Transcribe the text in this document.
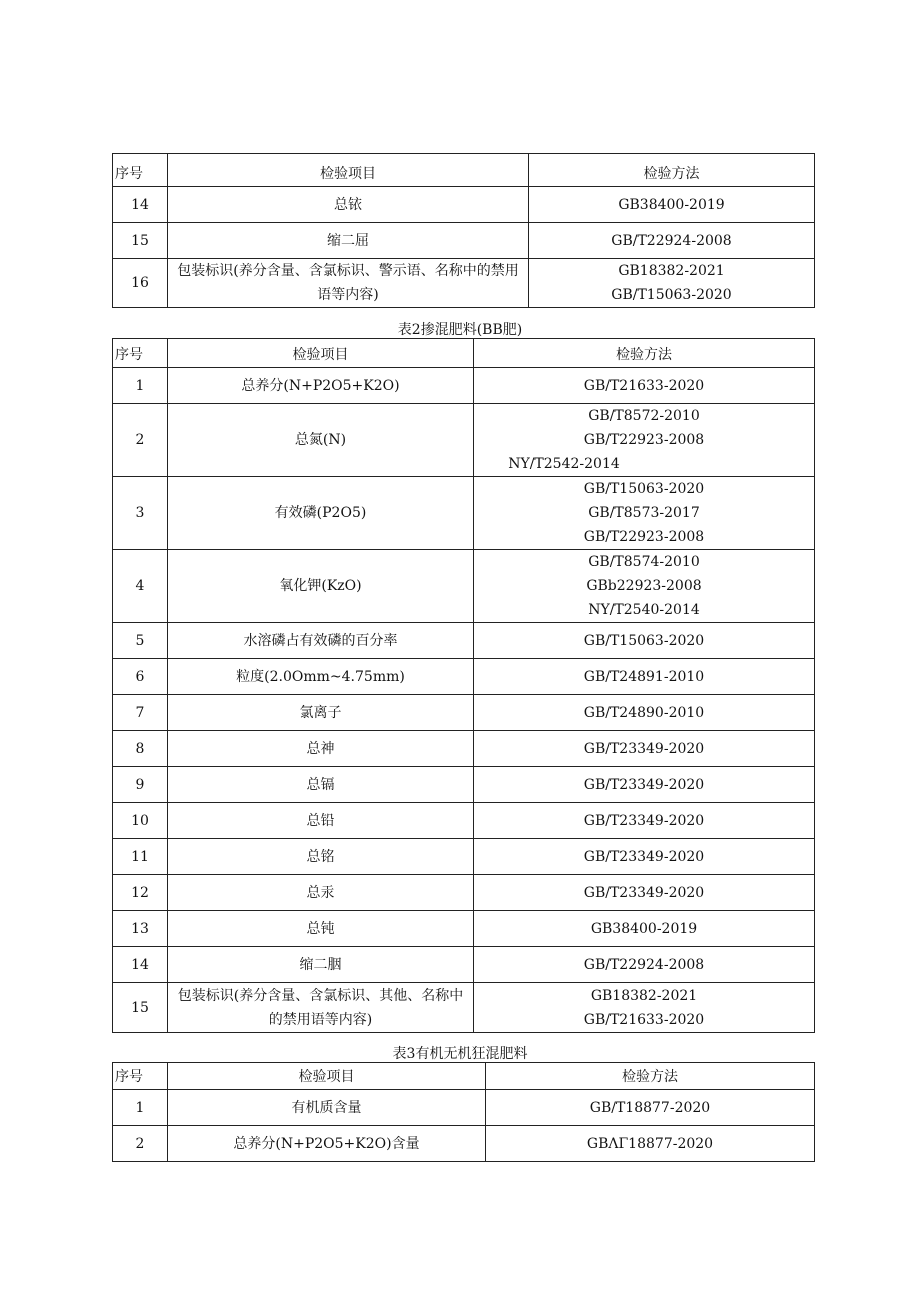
序号	检验项目	检验方法
14	总铱	GB38400-2019

15	缩二屈	GB/T22924-2008

16	包装标识(养分含量、含氯标识、警示语、名称中的禁用语等内容)	GB18382-2021
GB/T15063-2020
表2掺混肥料(BB肥)
序号	检验项目	检验方法
1	总养分(N+P2O5+K2O)	GB/T21633-2020

2	总氮(N)	GB/T8572-2010
GB/T22923-2008
NY/T2542-2014

3	有效磷(P2O5)	GB/T15063-2020
GB/T8573-2017
GB/T22923-2008

4	氧化钾(KzO)	GB/T8574-2010
GBb22923-2008
NY/T2540-2014

5	水溶磷占有效磷的百分率	GB/T15063-2020

6	粒度(2.0Omm~4.75mm)	GB/T24891-2010

7	氯离子	GB/T24890-2010

8	总神	GB/T23349-2020

9	总镉	GB/T23349-2020

10	总铅	GB/T23349-2020

11	总铭	GB/T23349-2020

12	总汞	GB/T23349-2020

13	总钝	GB38400-2019

14	缩二胭	GB/T22924-2008

15	包装标识(养分含量、含氯标识、其他、名称中的禁用语等内容)	GB18382-2021
GB/T21633-2020
表3有机无机狂混肥料
序号	检验项目	检验方法
1	有机质含量	GB/T18877-2020

2	总养分(N+P2O5+K2O)含量	GBΛΓ18877-2020
